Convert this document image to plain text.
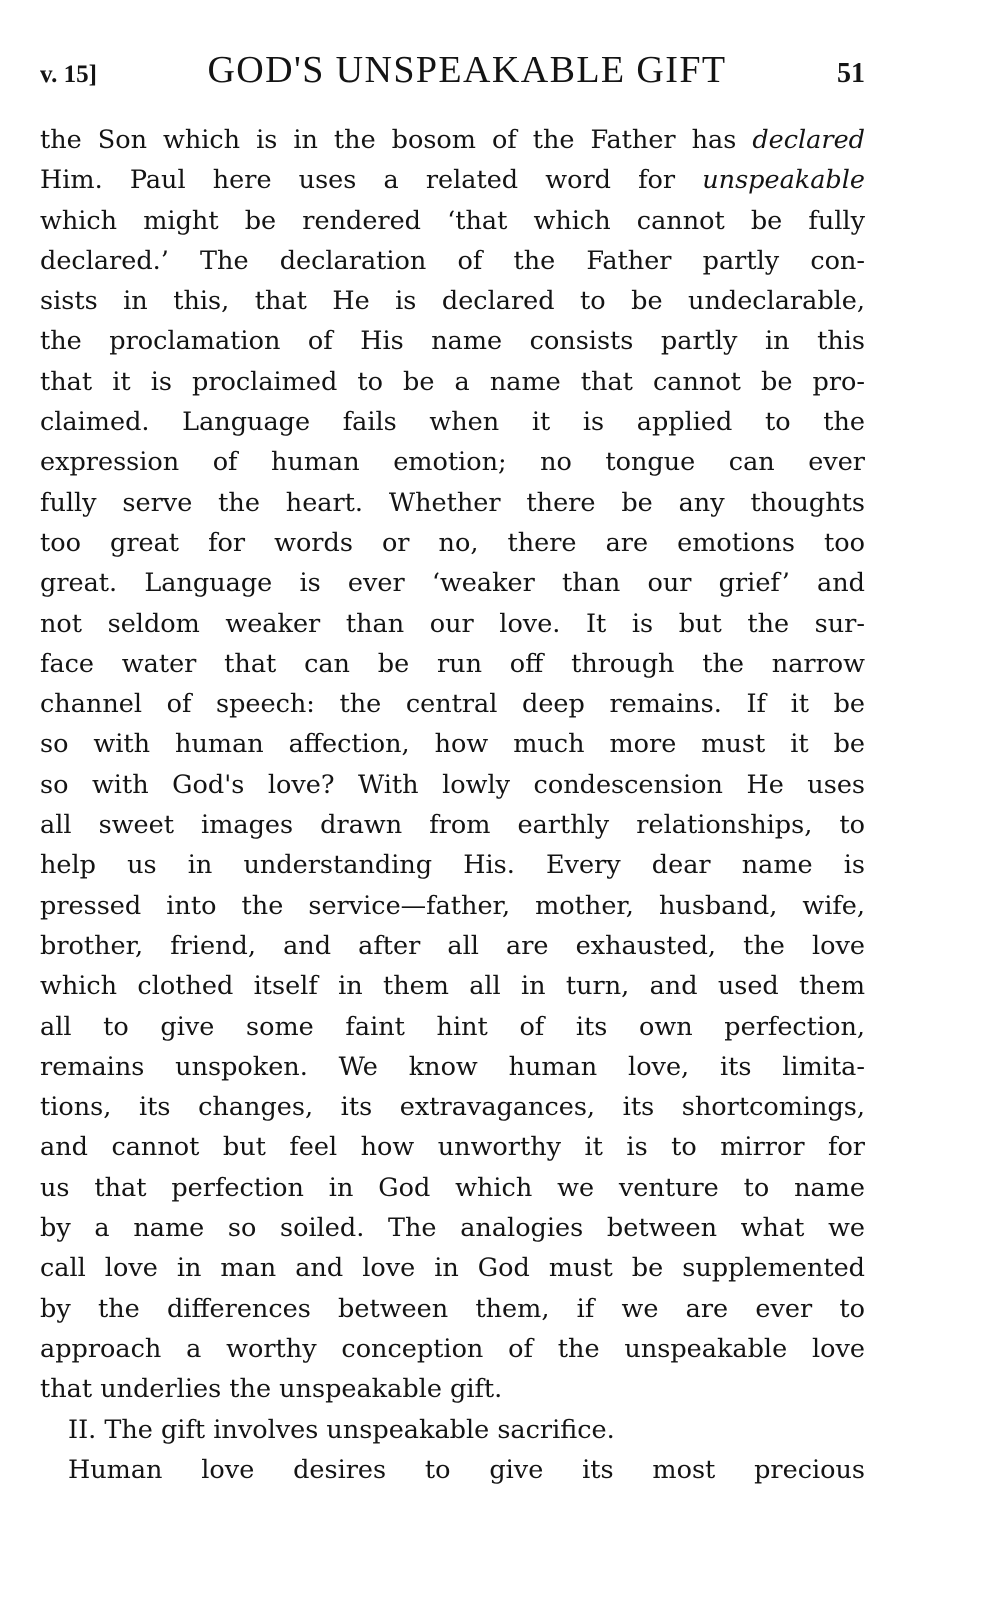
v. 15]	GOD'S UNSPEAKABLE GIFT	51
the Son which is in the bosom of the Father has declared
Him. Paul here uses a related word for unspeakable
which might be rendered ‘that which cannot be fully
declared.’ The declaration of the Father partly con-
sists in this, that He is declared to be undeclarable,
the proclamation of His name consists partly in this
that it is proclaimed to be a name that cannot be pro-
claimed. Language fails when it is applied to the
expression of human emotion; no tongue can ever
fully serve the heart. Whether there be any thoughts
too great for words or no, there are emotions too
great. Language is ever ‘weaker than our grief’ and
not seldom weaker than our love. It is but the sur-
face water that can be run off through the narrow
channel of speech: the central deep remains. If it be
so with human affection, how much more must it be
so with God's love? With lowly condescension He uses
all sweet images drawn from earthly relationships, to
help us in understanding His. Every dear name is
pressed into the service—father, mother, husband, wife,
brother, friend, and after all are exhausted, the love
which clothed itself in them all in turn, and used them
all to give some faint hint of its own perfection,
remains unspoken. We know human love, its limita-
tions, its changes, its extravagances, its shortcomings,
and cannot but feel how unworthy it is to mirror for
us that perfection in God which we venture to name
by a name so soiled. The analogies between what we
call love in man and love in God must be supplemented
by the differences between them, if we are ever to
approach a worthy conception of the unspeakable love
that underlies the unspeakable gift.
II. The gift involves unspeakable sacrifice.
Human love desires to give its most precious
